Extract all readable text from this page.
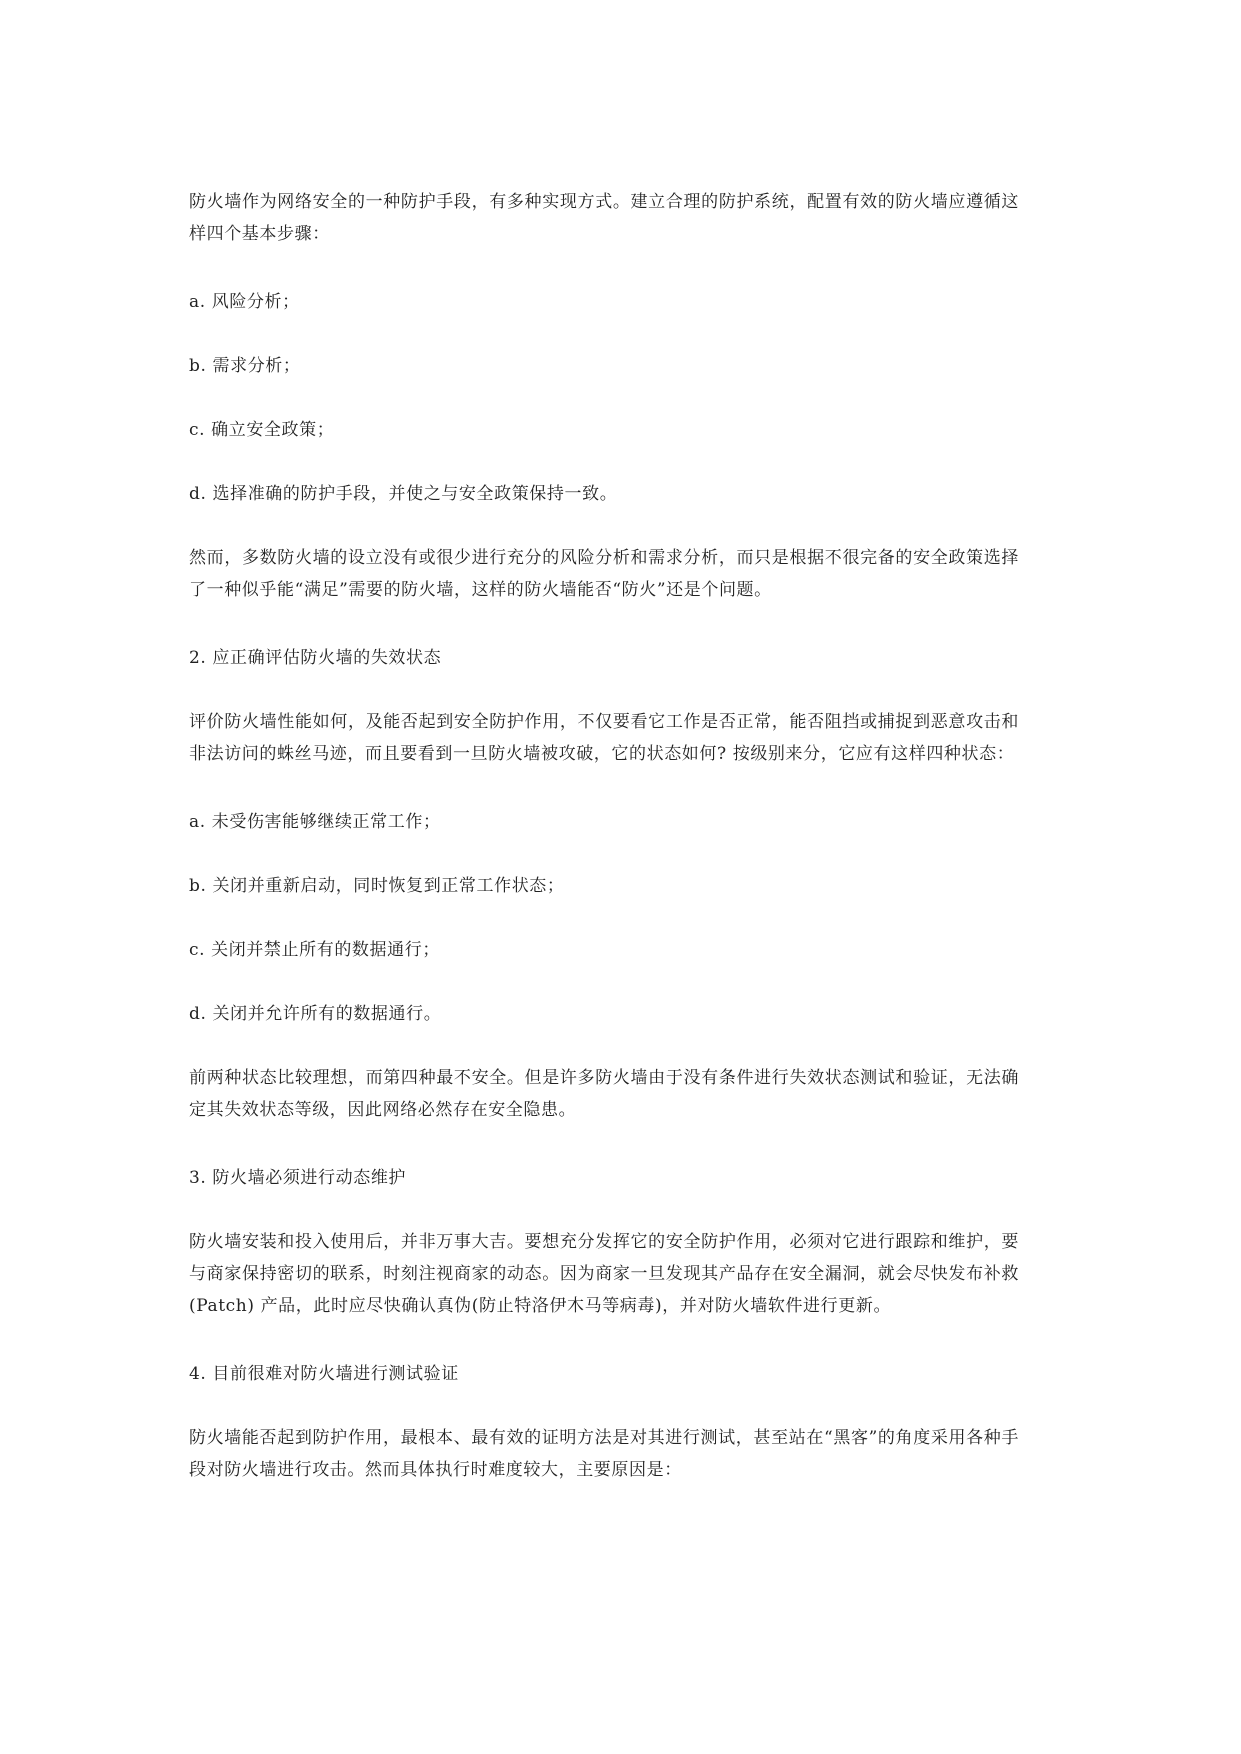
防火墙作为网络安全的一种防护手段，有多种实现方式。建立合理的防护系统，配置有效的防火墙应遵循这样四个基本步骤：

a. 风险分析；

b. 需求分析；

c. 确立安全政策；

d. 选择准确的防护手段，并使之与安全政策保持一致。

然而，多数防火墙的设立没有或很少进行充分的风险分析和需求分析，而只是根据不很完备的安全政策选择了一种似乎能“满足”需要的防火墙，这样的防火墙能否“防火”还是个问题。

2. 应正确评估防火墙的失效状态

评价防火墙性能如何，及能否起到安全防护作用，不仅要看它工作是否正常，能否阻挡或捕捉到恶意攻击和非法访问的蛛丝马迹，而且要看到一旦防火墙被攻破，它的状态如何? 按级别来分，它应有这样四种状态：

a. 未受伤害能够继续正常工作；

b. 关闭并重新启动，同时恢复到正常工作状态；

c. 关闭并禁止所有的数据通行；

d. 关闭并允许所有的数据通行。

前两种状态比较理想，而第四种最不安全。但是许多防火墙由于没有条件进行失效状态测试和验证，无法确定其失效状态等级，因此网络必然存在安全隐患。

3. 防火墙必须进行动态维护

防火墙安装和投入使用后，并非万事大吉。要想充分发挥它的安全防护作用，必须对它进行跟踪和维护，要与商家保持密切的联系，时刻注视商家的动态。因为商家一旦发现其产品存在安全漏洞，就会尽快发布补救(Patch) 产品，此时应尽快确认真伪(防止特洛伊木马等病毒)，并对防火墙软件进行更新。

4. 目前很难对防火墙进行测试验证

防火墙能否起到防护作用，最根本、最有效的证明方法是对其进行测试，甚至站在“黑客”的角度采用各种手段对防火墙进行攻击。然而具体执行时难度较大，主要原因是：
